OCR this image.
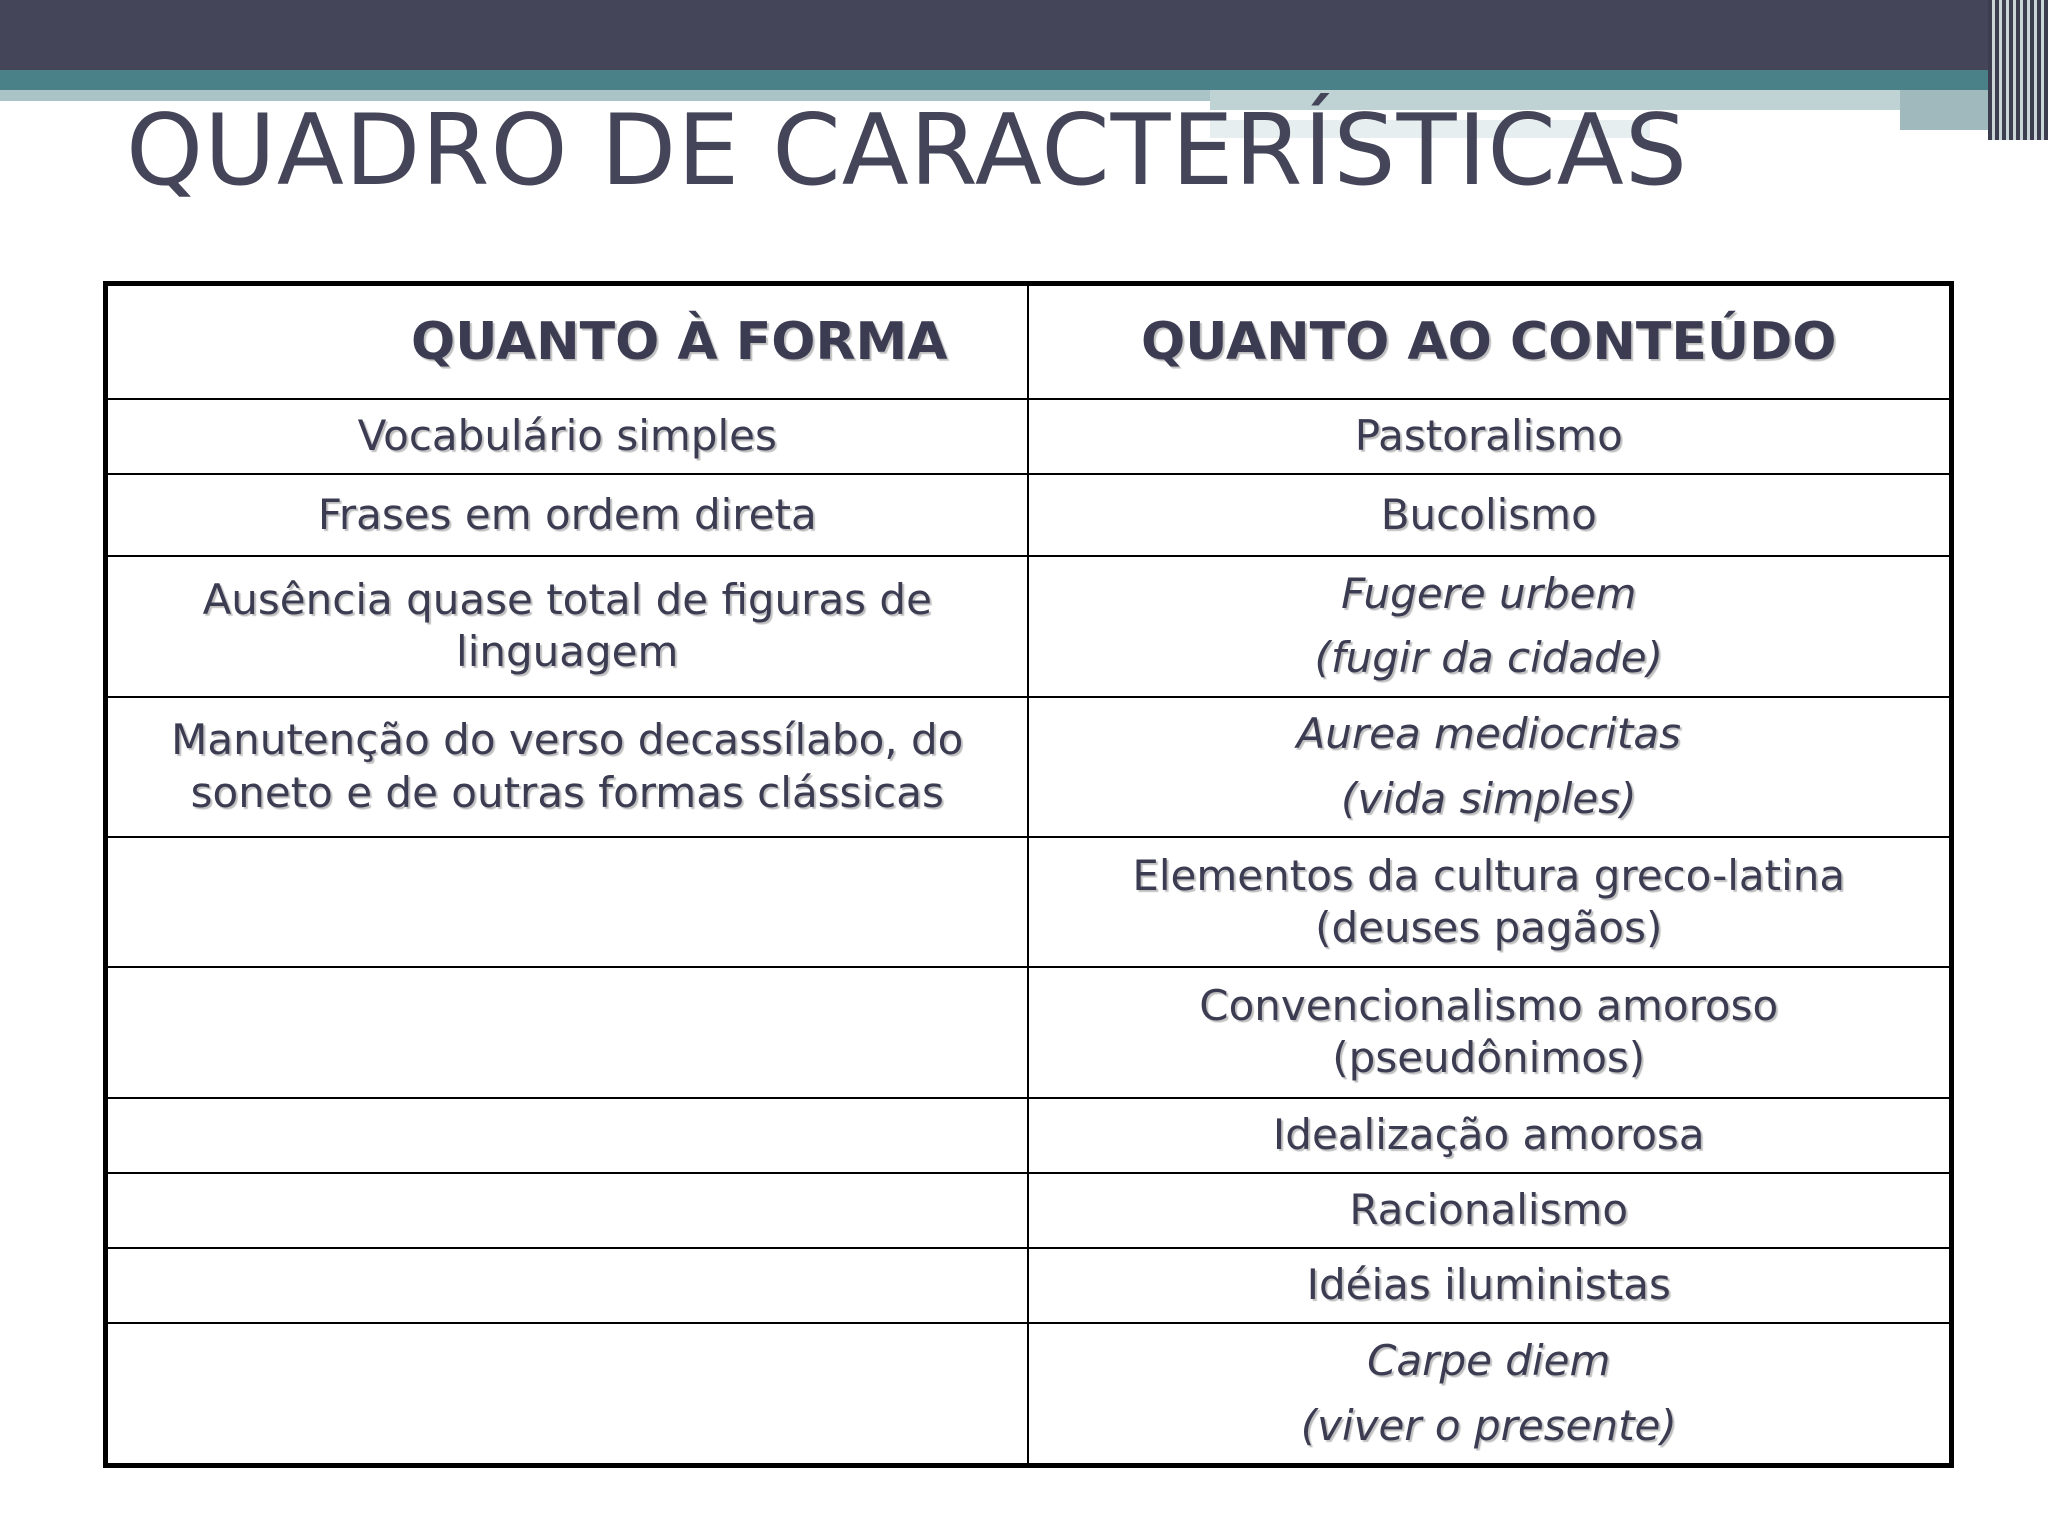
QUADRO DE CARACTERÍSTICAS
QUANTO À FORMA	QUANTO AO CONTEÚDO
Vocabulário simples	Pastoralismo
Frases em ordem direta	Bucolismo
Ausência quase total de figuras de linguagem	Fugere urbem
(fugir da cidade)

Manutenção do verso decassílabo, do soneto e de outras formas clássicas	Aurea mediocritas
(vida simples)

	Elementos da cultura greco-latina (deuses pagãos)
	Convencionalismo amoroso (pseudônimos)
	Idealização amorosa
	Racionalismo
	Idéias iluministas

	Carpe diem
(viver o presente)
